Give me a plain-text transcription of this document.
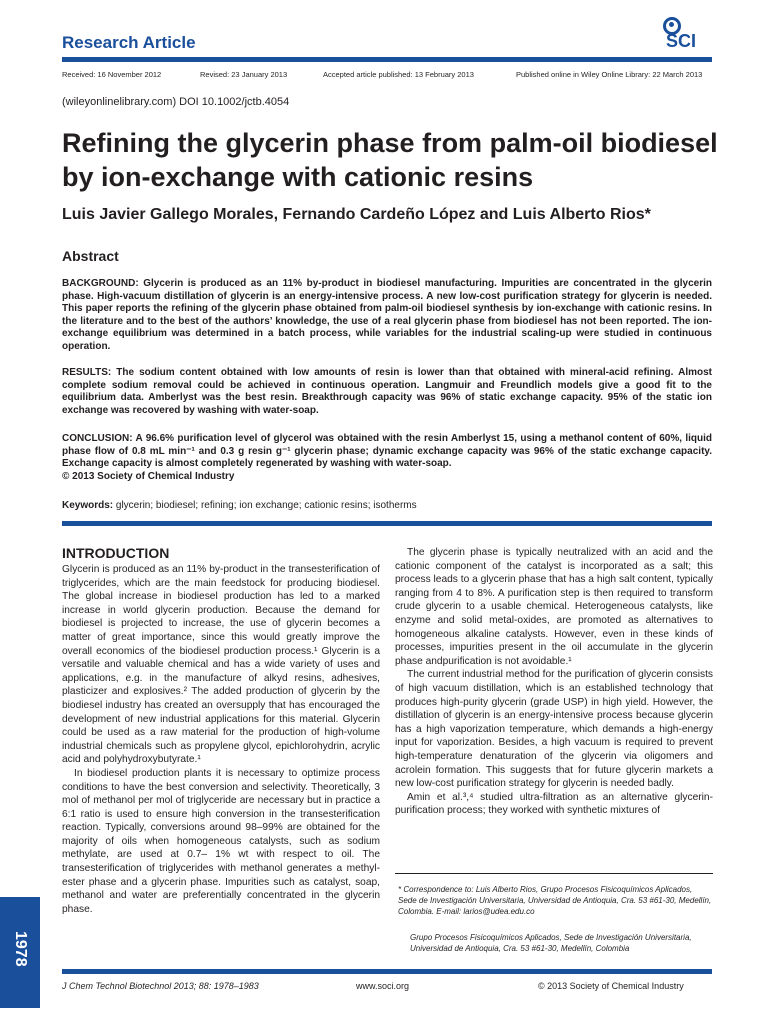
Research Article	SCI
Received: 16 November 2012	Revised: 23 January 2013	Accepted article published: 13 February 2013	Published online in Wiley Online Library: 22 March 2013
(wileyonlinelibrary.com) DOI 10.1002/jctb.4054
Refining the glycerin phase from palm-oil biodiesel by ion-exchange with cationic resins
Luis Javier Gallego Morales, Fernando Cardeño López and Luis Alberto Rios*
Abstract
BACKGROUND: Glycerin is produced as an 11% by-product in biodiesel manufacturing. Impurities are concentrated in the glycerin phase. High-vacuum distillation of glycerin is an energy-intensive process. A new low-cost purification strategy for glycerin is needed. This paper reports the refining of the glycerin phase obtained from palm-oil biodiesel synthesis by ion-exchange with cationic resins. In the literature and to the best of the authors’ knowledge, the use of a real glycerin phase from biodiesel has not been reported. The ion-exchange equilibrium was determined in a batch process, while variables for the industrial scaling-up were studied in continuous operation.
RESULTS: The sodium content obtained with low amounts of resin is lower than that obtained with mineral-acid refining. Almost complete sodium removal could be achieved in continuous operation. Langmuir and Freundlich models give a good fit to the equilibrium data. Amberlyst was the best resin. Breakthrough capacity was 96% of static exchange capacity. 95% of the static ion exchange was recovered by washing with water-soap.
CONCLUSION: A 96.6% purification level of glycerol was obtained with the resin Amberlyst 15, using a methanol content of 60%, liquid phase flow of 0.8 mL min⁻¹ and 0.3 g resin g⁻¹ glycerin phase; dynamic exchange capacity was 96% of the static exchange capacity. Exchange capacity is almost completely regenerated by washing with water-soap.
© 2013 Society of Chemical Industry
Keywords: glycerin; biodiesel; refining; ion exchange; cationic resins; isotherms
INTRODUCTION

Glycerin is produced as an 11% by-product in the transesterification of triglycerides, which are the main feedstock for producing biodiesel. The global increase in biodiesel production has led to a marked increase in world glycerin production. Because the demand for biodiesel is projected to increase, the use of glycerin becomes a matter of great importance, since this would greatly improve the overall economics of the biodiesel production process.¹ Glycerin is a versatile and valuable chemical and has a wide variety of uses and applications, e.g. in the manufacture of alkyd resins, adhesives, plasticizer and explosives.² The added production of glycerin by the biodiesel industry has created an oversupply that has encouraged the development of new industrial applications for this material. Glycerin could be used as a raw material for the production of high-volume industrial chemicals such as propylene glycol, epichlorohydrin, acrylic acid and polyhydroxybutyrate.¹

In biodiesel production plants it is necessary to optimize process conditions to have the best conversion and selectivity. Theoretically, 3 mol of methanol per mol of triglyceride are necessary but in practice a 6:1 ratio is used to ensure high conversion in the transesterification reaction. Typically, conversions around 98–99% are obtained for the majority of oils when homogeneous catalysts, such as sodium methylate, are used at 0.7– 1% wt with respect to oil. The transesterification of triglycerides with methanol generates a methyl-ester phase and a glycerin phase. Impurities such as catalyst, soap, methanol and water are preferentially concentrated in the glycerin phase.

The glycerin phase is typically neutralized with an acid and the cationic component of the catalyst is incorporated as a salt; this process leads to a glycerin phase that has a high salt content, typically ranging from 4 to 8%. A purification step is then required to transform crude glycerin to a usable chemical. Heterogeneous catalysts, like enzyme and solid metal-oxides, are promoted as alternatives to homogeneous alkaline catalysts. However, even in these kinds of processes, impurities present in the oil accumulate in the glycerin phase andpurification is not avoidable.¹

The current industrial method for the purification of glycerin consists of high vacuum distillation, which is an established technology that produces high-purity glycerin (grade USP) in high yield. However, the distillation of glycerin is an energy-intensive process because glycerin has a high vaporization temperature, which demands a high-energy input for vaporization. Besides, a high vacuum is required to prevent high-temperature denaturation of the glycerin via oligomers and acrolein formation. This suggests that for future glycerin markets a new low-cost purification strategy for glycerin is needed badly.

Amin et al.³,⁴ studied ultra-filtration as an alternative glycerin-purification process; they worked with synthetic mixtures of

* Correspondence to: Luis Alberto Rios, Grupo Procesos Fisicoquímicos Aplicados, Sede de Investigación Universitaria, Universidad de Antioquia, Cra. 53 #61-30, Medellín, Colombia. E-mail: larios@udea.edu.co
Grupo Procesos Fisicoquímicos Aplicados, Sede de Investigación Universitaria, Universidad de Antioquia, Cra. 53 #61-30, Medellín, Colombia
J Chem Technol Biotechnol 2013; 88: 1978–1983	www.soci.org	© 2013 Society of Chemical Industry
1978
